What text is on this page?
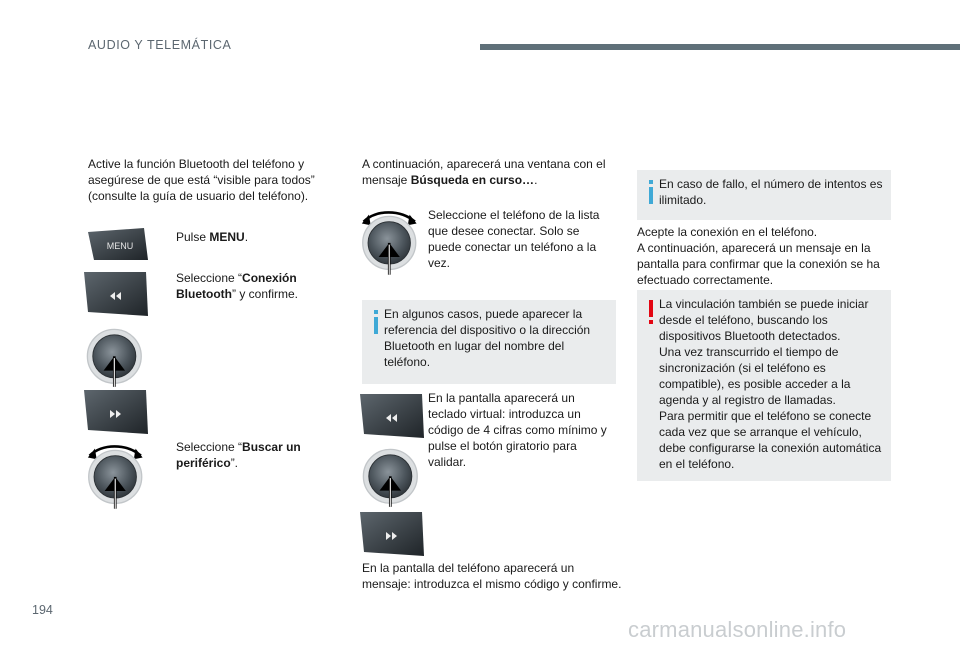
AUDIO Y TELEMÁTICA
Active la función Bluetooth del teléfono y asegúrese de que está “visible para todos” (consulte la guía de usuario del teléfono).
MENU
Pulse MENU.
Seleccione “Conexión Bluetooth” y confirme.
Seleccione “Buscar un periférico”.
A continuación, aparecerá una ventana con el mensaje Búsqueda en curso….
Seleccione el teléfono de la lista que desee conectar. Solo se puede conectar un teléfono a la vez.
En algunos casos, puede aparecer la referencia del dispositivo o la dirección Bluetooth en lugar del nombre del teléfono.
En la pantalla aparecerá un teclado virtual: introduzca un código de 4 cifras como mínimo y pulse el botón giratorio para validar.
En la pantalla del teléfono aparecerá un mensaje: introduzca el mismo código y confirme.
En caso de fallo, el número de intentos es ilimitado.
Acepte la conexión en el teléfono.
A continuación, aparecerá un mensaje en la pantalla para confirmar que la conexión se ha efectuado correctamente.
La vinculación también se puede iniciar desde el teléfono, buscando los dispositivos Bluetooth detectados.
Una vez transcurrido el tiempo de sincronización (si el teléfono es compatible), es posible acceder a la agenda y al registro de llamadas.
Para permitir que el teléfono se conecte cada vez que se arranque el vehículo, debe configurarse la conexión automática en el teléfono.
194
carmanualsonline.info
